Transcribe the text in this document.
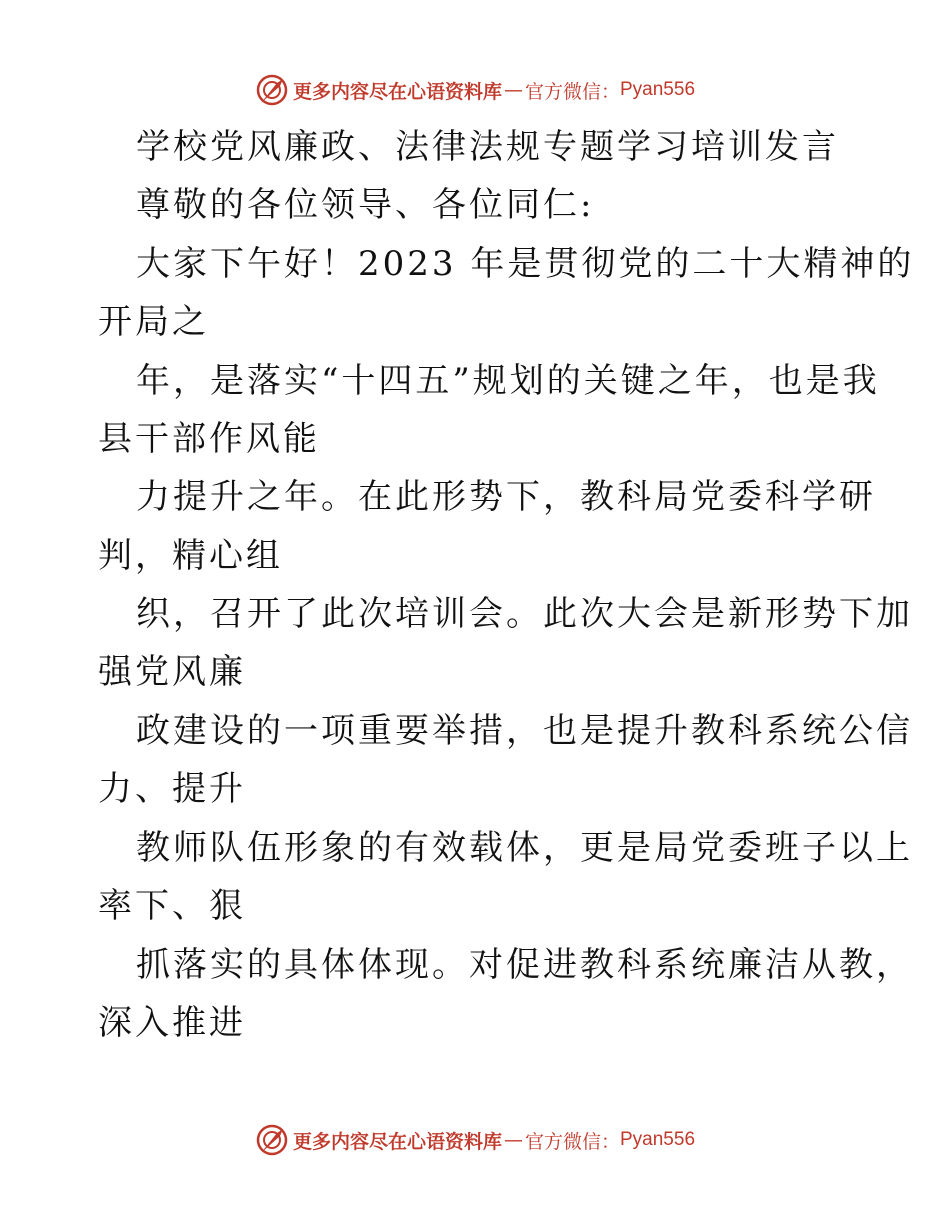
更多内容尽在心语资料库 — 官方微信： Pyan556
学校党风廉政、法律法规专题学习培训发言
尊敬的各位领导、各位同仁:
大家下午好！2023 年是贯彻党的二十大精神的
开局之
年，是落实“十四五”规划的关键之年，也是我
县干部作风能
力提升之年。在此形势下，教科局党委科学研
判，精心组
织，召开了此次培训会。此次大会是新形势下加
强党风廉
政建设的一项重要举措，也是提升教科系统公信
力、提升
教师队伍形象的有效载体，更是局党委班子以上
率下、狠
抓落实的具体体现。对促进教科系统廉洁从教，
深入推进
更多内容尽在心语资料库 — 官方微信： Pyan556
